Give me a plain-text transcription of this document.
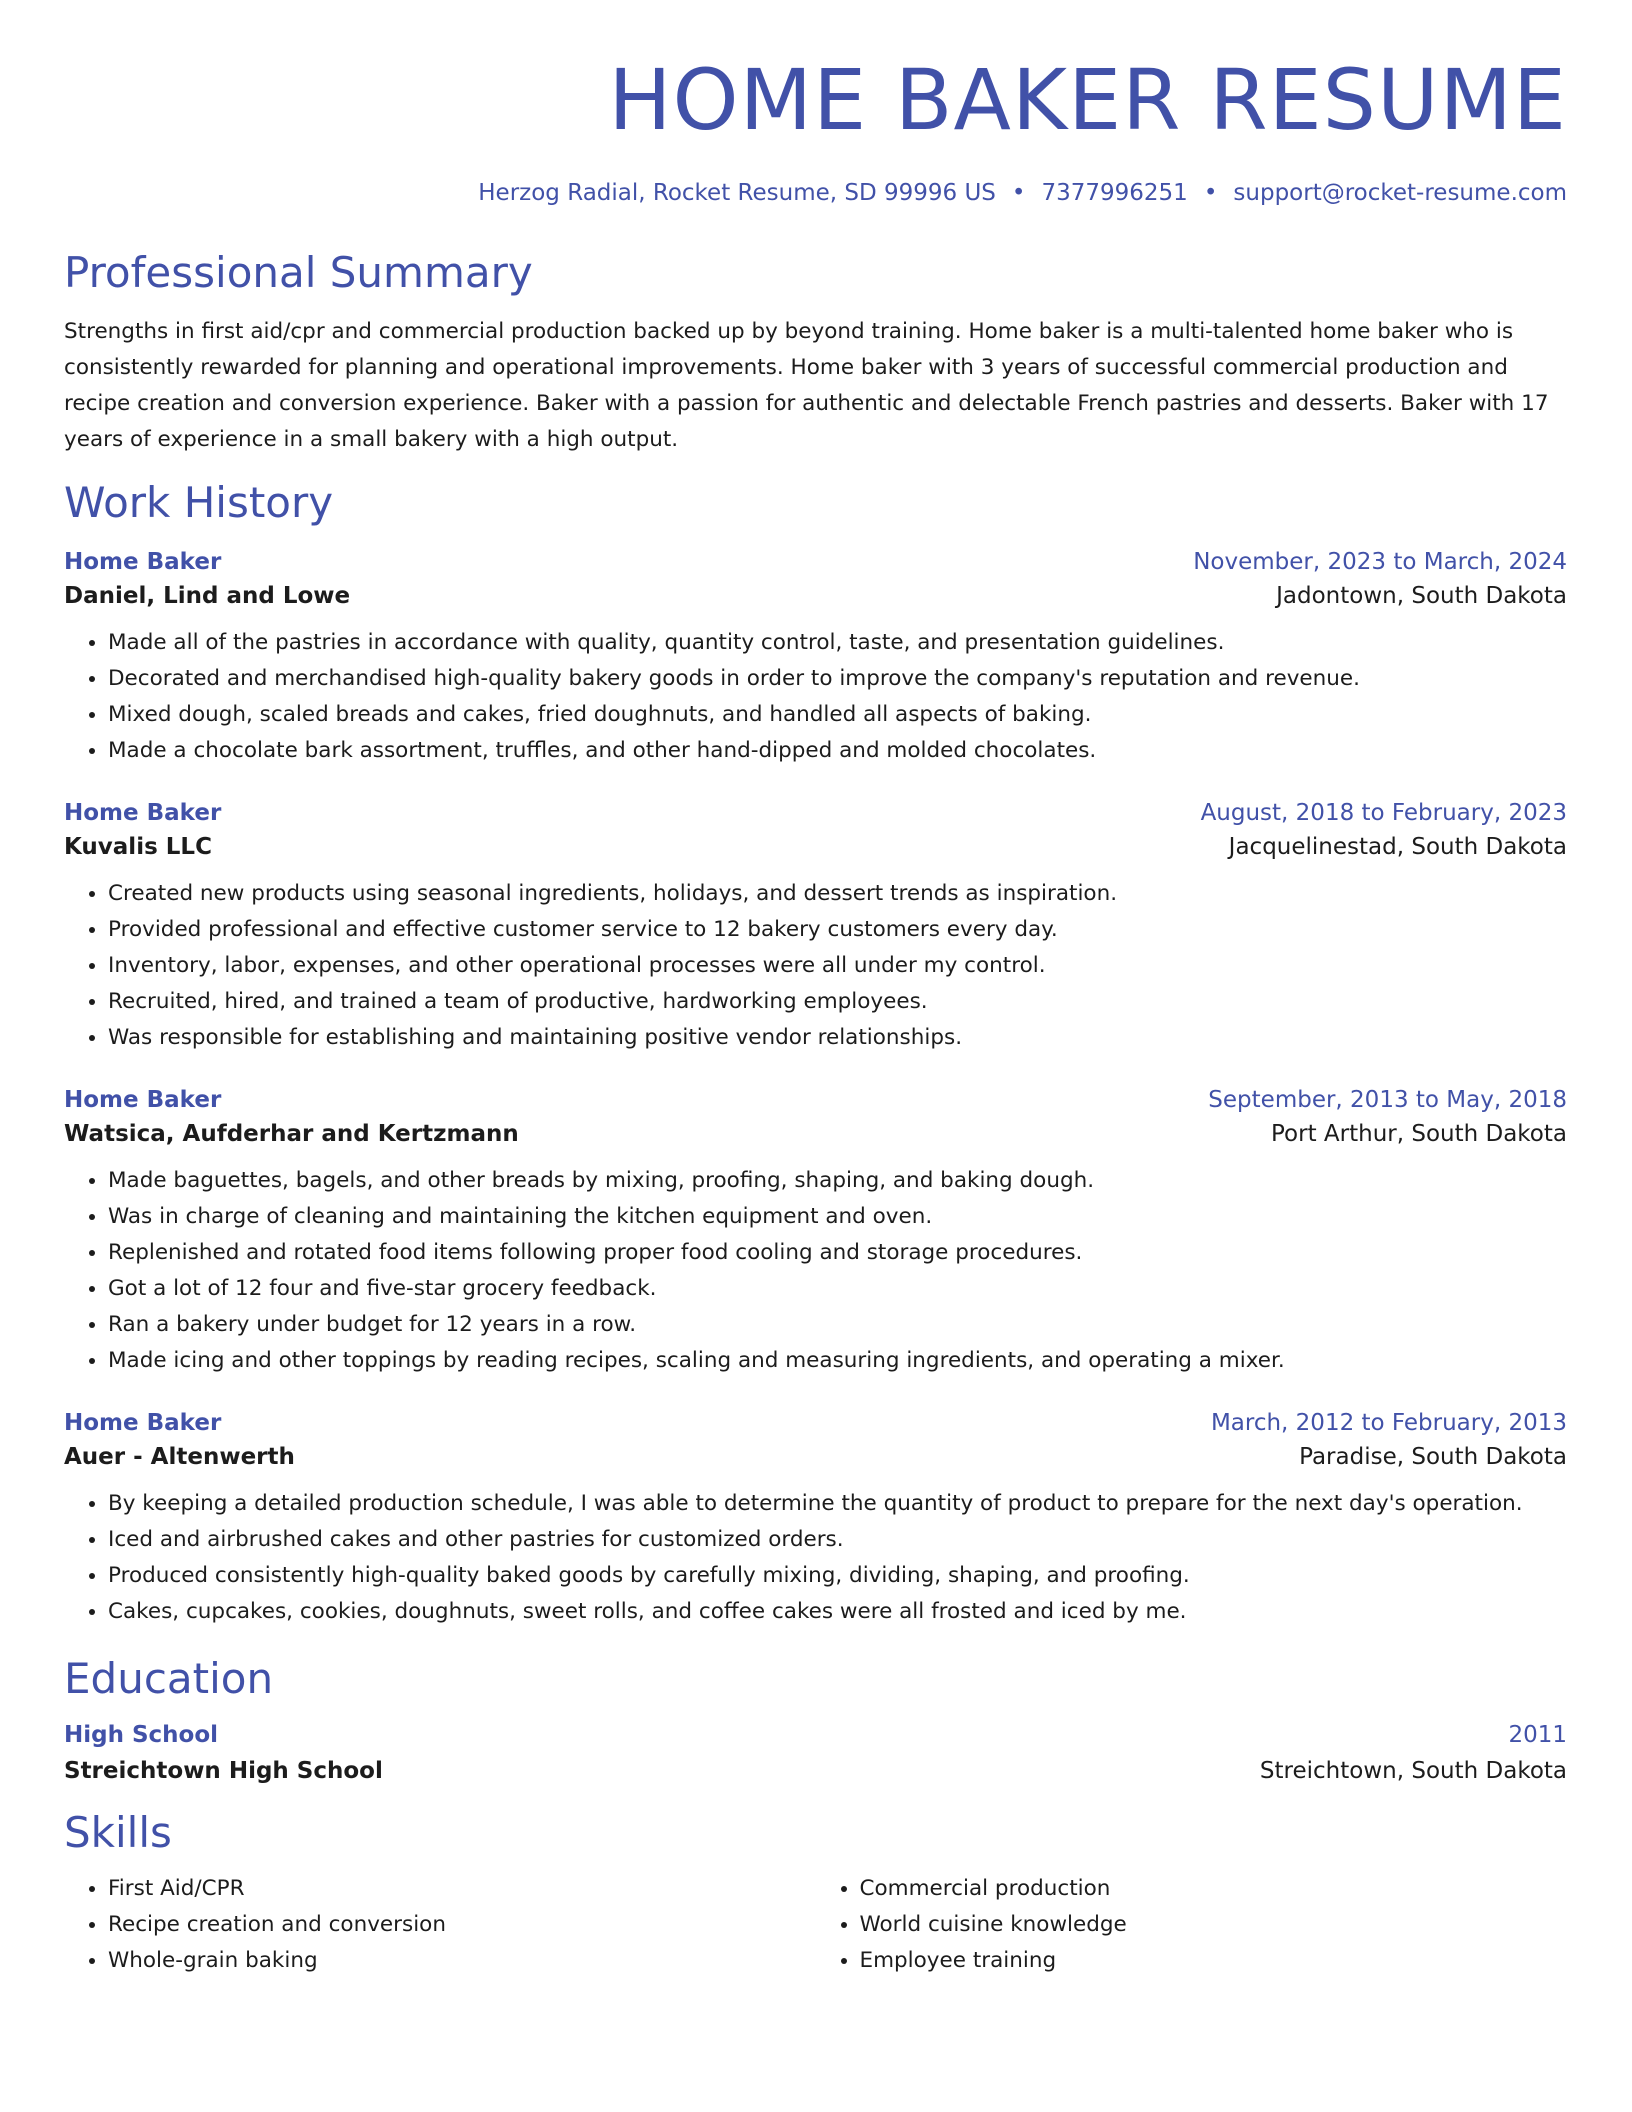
HOME BAKER RESUME
Herzog Radial, Rocket Resume, SD 99996 US • 7377996251 • support@rocket-resume.com
Professional Summary
Strengths in first aid/cpr and commercial production backed up by beyond training. Home baker is a multi-talented home baker who is consistently rewarded for planning and operational improvements. Home baker with 3 years of successful commercial production and recipe creation and conversion experience. Baker with a passion for authentic and delectable French pastries and desserts. Baker with 17 years of experience in a small bakery with a high output.
Work History
Home Baker	November, 2023 to March, 2024
Daniel, Lind and Lowe	Jadontown, South Dakota
• Made all of the pastries in accordance with quality, quantity control, taste, and presentation guidelines.
• Decorated and merchandised high-quality bakery goods in order to improve the company's reputation and revenue.
• Mixed dough, scaled breads and cakes, fried doughnuts, and handled all aspects of baking.
• Made a chocolate bark assortment, truffles, and other hand-dipped and molded chocolates.
Home Baker	August, 2018 to February, 2023
Kuvalis LLC	Jacquelinestad, South Dakota
• Created new products using seasonal ingredients, holidays, and dessert trends as inspiration.
• Provided professional and effective customer service to 12 bakery customers every day.
• Inventory, labor, expenses, and other operational processes were all under my control.
• Recruited, hired, and trained a team of productive, hardworking employees.
• Was responsible for establishing and maintaining positive vendor relationships.
Home Baker	September, 2013 to May, 2018
Watsica, Aufderhar and Kertzmann	Port Arthur, South Dakota
• Made baguettes, bagels, and other breads by mixing, proofing, shaping, and baking dough.
• Was in charge of cleaning and maintaining the kitchen equipment and oven.
• Replenished and rotated food items following proper food cooling and storage procedures.
• Got a lot of 12 four and five-star grocery feedback.
• Ran a bakery under budget for 12 years in a row.
• Made icing and other toppings by reading recipes, scaling and measuring ingredients, and operating a mixer.
Home Baker	March, 2012 to February, 2013
Auer - Altenwerth	Paradise, South Dakota
• By keeping a detailed production schedule, I was able to determine the quantity of product to prepare for the next day's operation.
• Iced and airbrushed cakes and other pastries for customized orders.
• Produced consistently high-quality baked goods by carefully mixing, dividing, shaping, and proofing.
• Cakes, cupcakes, cookies, doughnuts, sweet rolls, and coffee cakes were all frosted and iced by me.
Education
High School	2011
Streichtown High School	Streichtown, South Dakota
Skills
• First Aid/CPR
• Recipe creation and conversion
• Whole-grain baking
• Commercial production
• World cuisine knowledge
• Employee training
